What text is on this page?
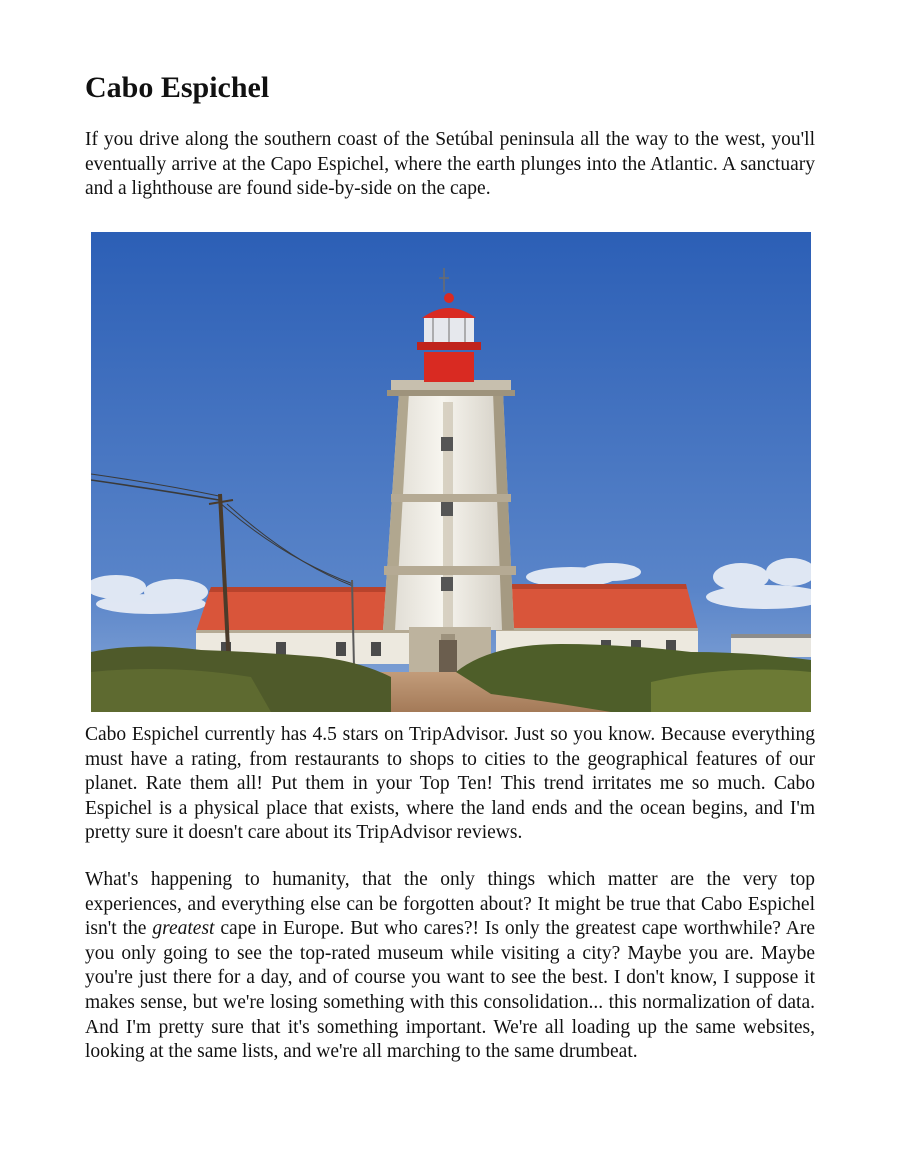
Cabo Espichel

If you drive along the southern coast of the Setúbal peninsula all the way to the west, you'll eventually arrive at the Capo Espichel, where the earth plunges into the Atlantic. A sanctuary and a lighthouse are found side-by-side on the cape.

Cabo Espichel currently has 4.5 stars on TripAdvisor. Just so you know. Because everything must have a rating, from restaurants to shops to cities to the geographical features of our planet. Rate them all! Put them in your Top Ten! This trend irritates me so much. Cabo Espichel is a physical place that exists, where the land ends and the ocean begins, and I'm pretty sure it doesn't care about its TripAdvisor reviews.

What's happening to humanity, that the only things which matter are the very top experiences, and everything else can be forgotten about? It might be true that Cabo Espichel isn't the greatest cape in Europe. But who cares?! Is only the greatest cape worthwhile? Are you only going to see the top-rated museum while visiting a city? Maybe you are. Maybe you're just there for a day, and of course you want to see the best. I don't know, I suppose it makes sense, but we're losing something with this consolidation... this normalization of data. And I'm pretty sure that it's something important. We're all loading up the same websites, looking at the same lists, and we're all marching to the same drumbeat.
